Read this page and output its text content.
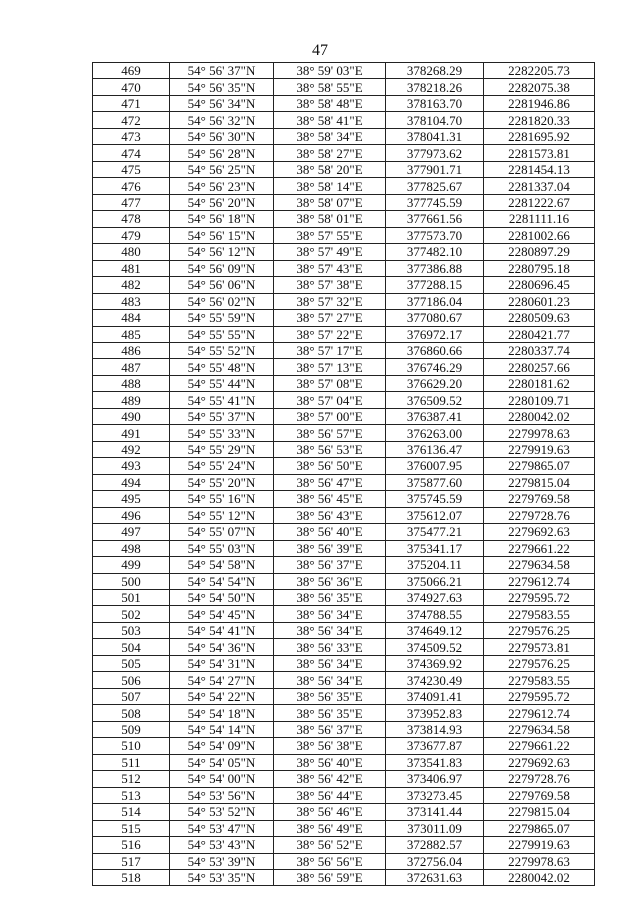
47
469	54° 56' 37"N	38° 59' 03"E	378268.29	2282205.73
470	54° 56' 35"N	38° 58' 55"E	378218.26	2282075.38
471	54° 56' 34"N	38° 58' 48"E	378163.70	2281946.86
472	54° 56' 32"N	38° 58' 41"E	378104.70	2281820.33
473	54° 56' 30"N	38° 58' 34"E	378041.31	2281695.92
474	54° 56' 28"N	38° 58' 27"E	377973.62	2281573.81
475	54° 56' 25"N	38° 58' 20"E	377901.71	2281454.13
476	54° 56' 23"N	38° 58' 14"E	377825.67	2281337.04
477	54° 56' 20"N	38° 58' 07"E	377745.59	2281222.67
478	54° 56' 18"N	38° 58' 01"E	377661.56	2281111.16
479	54° 56' 15"N	38° 57' 55"E	377573.70	2281002.66
480	54° 56' 12"N	38° 57' 49"E	377482.10	2280897.29
481	54° 56' 09"N	38° 57' 43"E	377386.88	2280795.18
482	54° 56' 06"N	38° 57' 38"E	377288.15	2280696.45
483	54° 56' 02"N	38° 57' 32"E	377186.04	2280601.23
484	54° 55' 59"N	38° 57' 27"E	377080.67	2280509.63
485	54° 55' 55"N	38° 57' 22"E	376972.17	2280421.77
486	54° 55' 52"N	38° 57' 17"E	376860.66	2280337.74
487	54° 55' 48"N	38° 57' 13"E	376746.29	2280257.66
488	54° 55' 44"N	38° 57' 08"E	376629.20	2280181.62
489	54° 55' 41"N	38° 57' 04"E	376509.52	2280109.71
490	54° 55' 37"N	38° 57' 00"E	376387.41	2280042.02
491	54° 55' 33"N	38° 56' 57"E	376263.00	2279978.63
492	54° 55' 29"N	38° 56' 53"E	376136.47	2279919.63
493	54° 55' 24"N	38° 56' 50"E	376007.95	2279865.07
494	54° 55' 20"N	38° 56' 47"E	375877.60	2279815.04
495	54° 55' 16"N	38° 56' 45"E	375745.59	2279769.58
496	54° 55' 12"N	38° 56' 43"E	375612.07	2279728.76
497	54° 55' 07"N	38° 56' 40"E	375477.21	2279692.63
498	54° 55' 03"N	38° 56' 39"E	375341.17	2279661.22
499	54° 54' 58"N	38° 56' 37"E	375204.11	2279634.58
500	54° 54' 54"N	38° 56' 36"E	375066.21	2279612.74
501	54° 54' 50"N	38° 56' 35"E	374927.63	2279595.72
502	54° 54' 45"N	38° 56' 34"E	374788.55	2279583.55
503	54° 54' 41"N	38° 56' 34"E	374649.12	2279576.25
504	54° 54' 36"N	38° 56' 33"E	374509.52	2279573.81
505	54° 54' 31"N	38° 56' 34"E	374369.92	2279576.25
506	54° 54' 27"N	38° 56' 34"E	374230.49	2279583.55
507	54° 54' 22"N	38° 56' 35"E	374091.41	2279595.72
508	54° 54' 18"N	38° 56' 35"E	373952.83	2279612.74
509	54° 54' 14"N	38° 56' 37"E	373814.93	2279634.58
510	54° 54' 09"N	38° 56' 38"E	373677.87	2279661.22
511	54° 54' 05"N	38° 56' 40"E	373541.83	2279692.63
512	54° 54' 00"N	38° 56' 42"E	373406.97	2279728.76
513	54° 53' 56"N	38° 56' 44"E	373273.45	2279769.58
514	54° 53' 52"N	38° 56' 46"E	373141.44	2279815.04
515	54° 53' 47"N	38° 56' 49"E	373011.09	2279865.07
516	54° 53' 43"N	38° 56' 52"E	372882.57	2279919.63
517	54° 53' 39"N	38° 56' 56"E	372756.04	2279978.63
518	54° 53' 35"N	38° 56' 59"E	372631.63	2280042.02
